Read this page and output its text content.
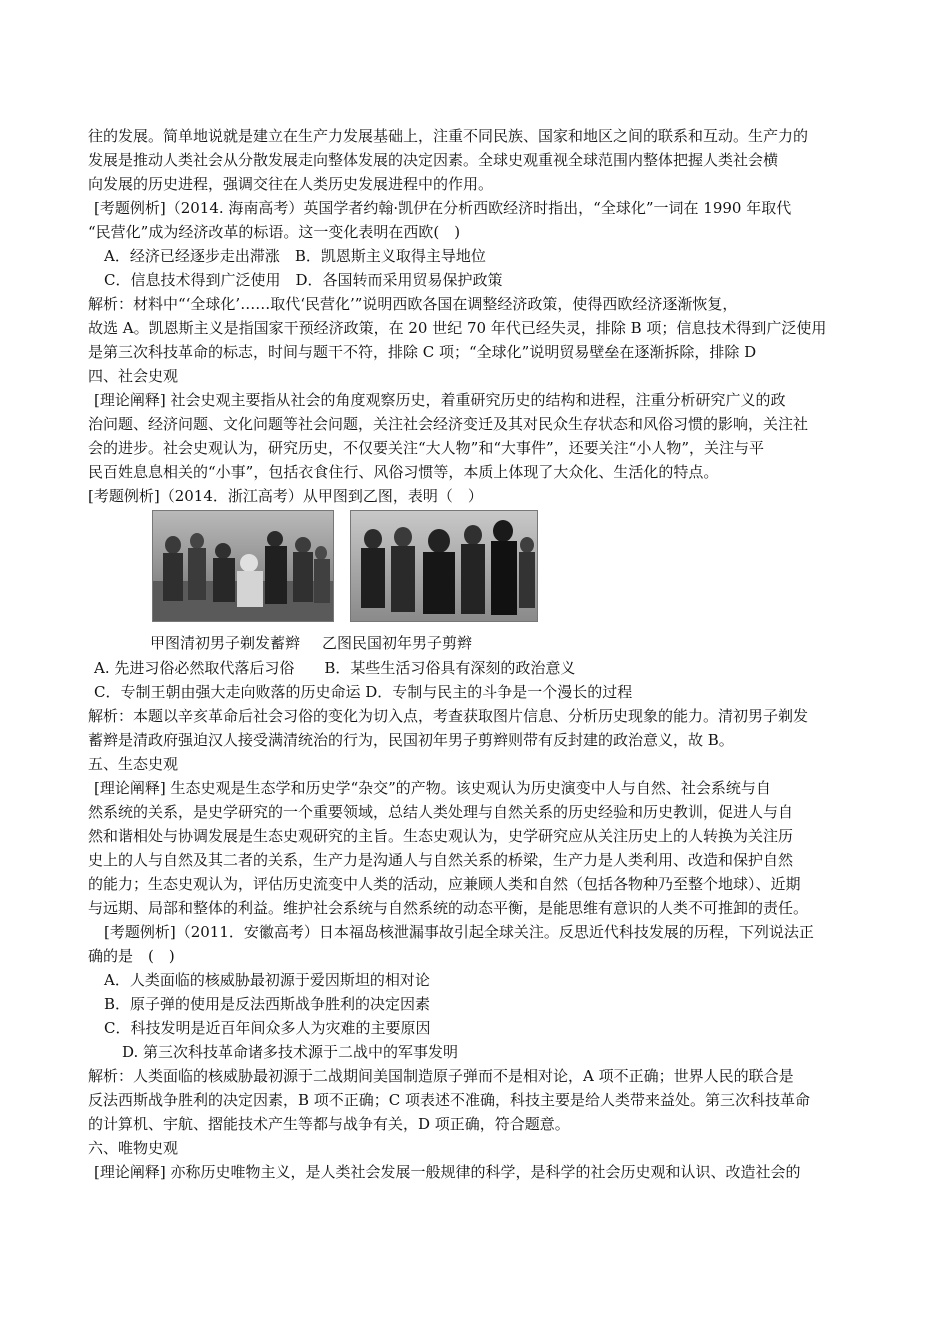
往的发展。简单地说就是建立在生产力发展基础上，注重不同民族、国家和地区之间的联系和互动。生产力的
发展是推动人类社会从分散发展走向整体发展的决定因素。全球史观重视全球范围内整体把握人类社会横
向发展的历史进程，强调交往在人类历史发展进程中的作用。
[考题例析]（2014. 海南高考）英国学者约翰·凯伊在分析西欧经济时指出，“全球化”一词在 1990 年取代
“民营化”成为经济改革的标语。这一变化表明在西欧(　)
A．经济已经逐步走出滞涨　B．凯恩斯主义取得主导地位
C．信息技术得到广泛使用　D．各国转而采用贸易保护政策
解析：材料中“‘全球化’……取代‘民营化’”说明西欧各国在调整经济政策，使得西欧经济逐渐恢复，
故选 A。凯恩斯主义是指国家干预经济政策，在 20 世纪 70 年代已经失灵，排除 B 项；信息技术得到广泛使用
是第三次科技革命的标志，时间与题干不符，排除 C 项；“全球化”说明贸易壁垒在逐渐拆除，排除 D
四、社会史观
[理论阐释] 社会史观主要指从社会的角度观察历史，着重研究历史的结构和进程，注重分析研究广义的政
治问题、经济问题、文化问题等社会问题，关注社会经济变迁及其对民众生存状态和风俗习惯的影响，关注社
会的进步。社会史观认为，研究历史，不仅要关注“大人物”和“大事件”，还要关注“小人物”，关注与平
民百姓息息相关的“小事”，包括衣食住行、风俗习惯等，本质上体现了大众化、生活化的特点。
[考题例析]（2014．浙江高考）从甲图到乙图，表明（　）
甲图清初男子剃发蓄辫 乙图民国初年男子剪辫
A. 先进习俗必然取代落后习俗　　B．某些生活习俗具有深刻的政治意义
C．专制王朝由强大走向败落的历史命运 D．专制与民主的斗争是一个漫长的过程
解析：本题以辛亥革命后社会习俗的变化为切入点，考查获取图片信息、分析历史现象的能力。清初男子剃发
蓄辫是清政府强迫汉人接受满清统治的行为，民国初年男子剪辫则带有反封建的政治意义，故 B。
五、生态史观
[理论阐释] 生态史观是生态学和历史学“杂交”的产物。该史观认为历史演变中人与自然、社会系统与自
然系统的关系，是史学研究的一个重要领域，总结人类处理与自然关系的历史经验和历史教训，促进人与自
然和谐相处与协调发展是生态史观研究的主旨。生态史观认为，史学研究应从关注历史上的人转换为关注历
史上的人与自然及其二者的关系，生产力是沟通人与自然关系的桥梁，生产力是人类利用、改造和保护自然
的能力；生态史观认为，评估历史流变中人类的活动，应兼顾人类和自然（包括各物种乃至整个地球）、近期
与远期、局部和整体的利益。维护社会系统与自然系统的动态平衡，是能思维有意识的人类不可推卸的责任。
[考题例析]（2011．安徽高考）日本福岛核泄漏事故引起全球关注。反思近代科技发展的历程，下列说法正
确的是　(　)
A．人类面临的核威胁最初源于爱因斯坦的相对论
B．原子弹的使用是反法西斯战争胜利的决定因素
C．科技发明是近百年间众多人为灾难的主要原因
D. 第三次科技革命诸多技术源于二战中的军事发明
解析：人类面临的核威胁最初源于二战期间美国制造原子弹而不是相对论，A 项不正确；世界人民的联合是
反法西斯战争胜利的决定因素，B 项不正确；C 项表述不准确，科技主要是给人类带来益处。第三次科技革命
的计算机、宇航、摺能技术产生等都与战争有关，D 项正确，符合题意。
六、唯物史观
[理论阐释] 亦称历史唯物主义，是人类社会发展一般规律的科学，是科学的社会历史观和认识、改造社会的
